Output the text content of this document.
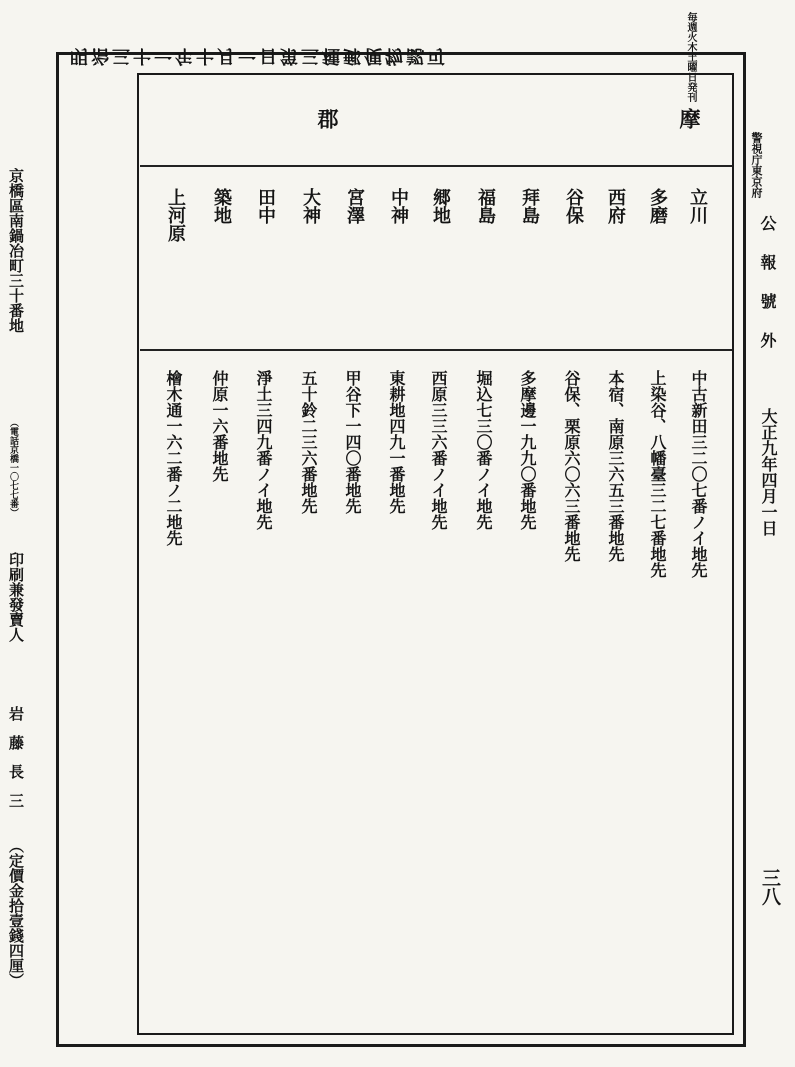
京橋區南鍋冶町三十番地
（電話京橋一〇七七番）
印刷兼發賣人
岩藤長三
（定價金拾壹錢四厘）
明治三十一年十月一日第三種郵便物認可	毎週火木土曜日発刊
警視庁東京府
公報號外
大正九年四月一日
三八
郡	摩
立川
中古新田三二〇七番ノイ地先
多磨
上染谷、八幡臺三二七番地先
西府
本宿、南原三六五三番地先
谷保
谷保、栗原六〇六三番地先
拜島
多摩邊一九九〇番地先
福島
堀込七三〇番ノイ地先
郷地
西原三三六番ノイ地先
中神
東耕地四九一番地先
宮澤
甲谷下一四〇番地先
大神
五十鈴二三六番地先
田中
淨土三四九番ノイ地先
築地
仲原一六番地先
上河原
檜木通一六二番ノ二地先
